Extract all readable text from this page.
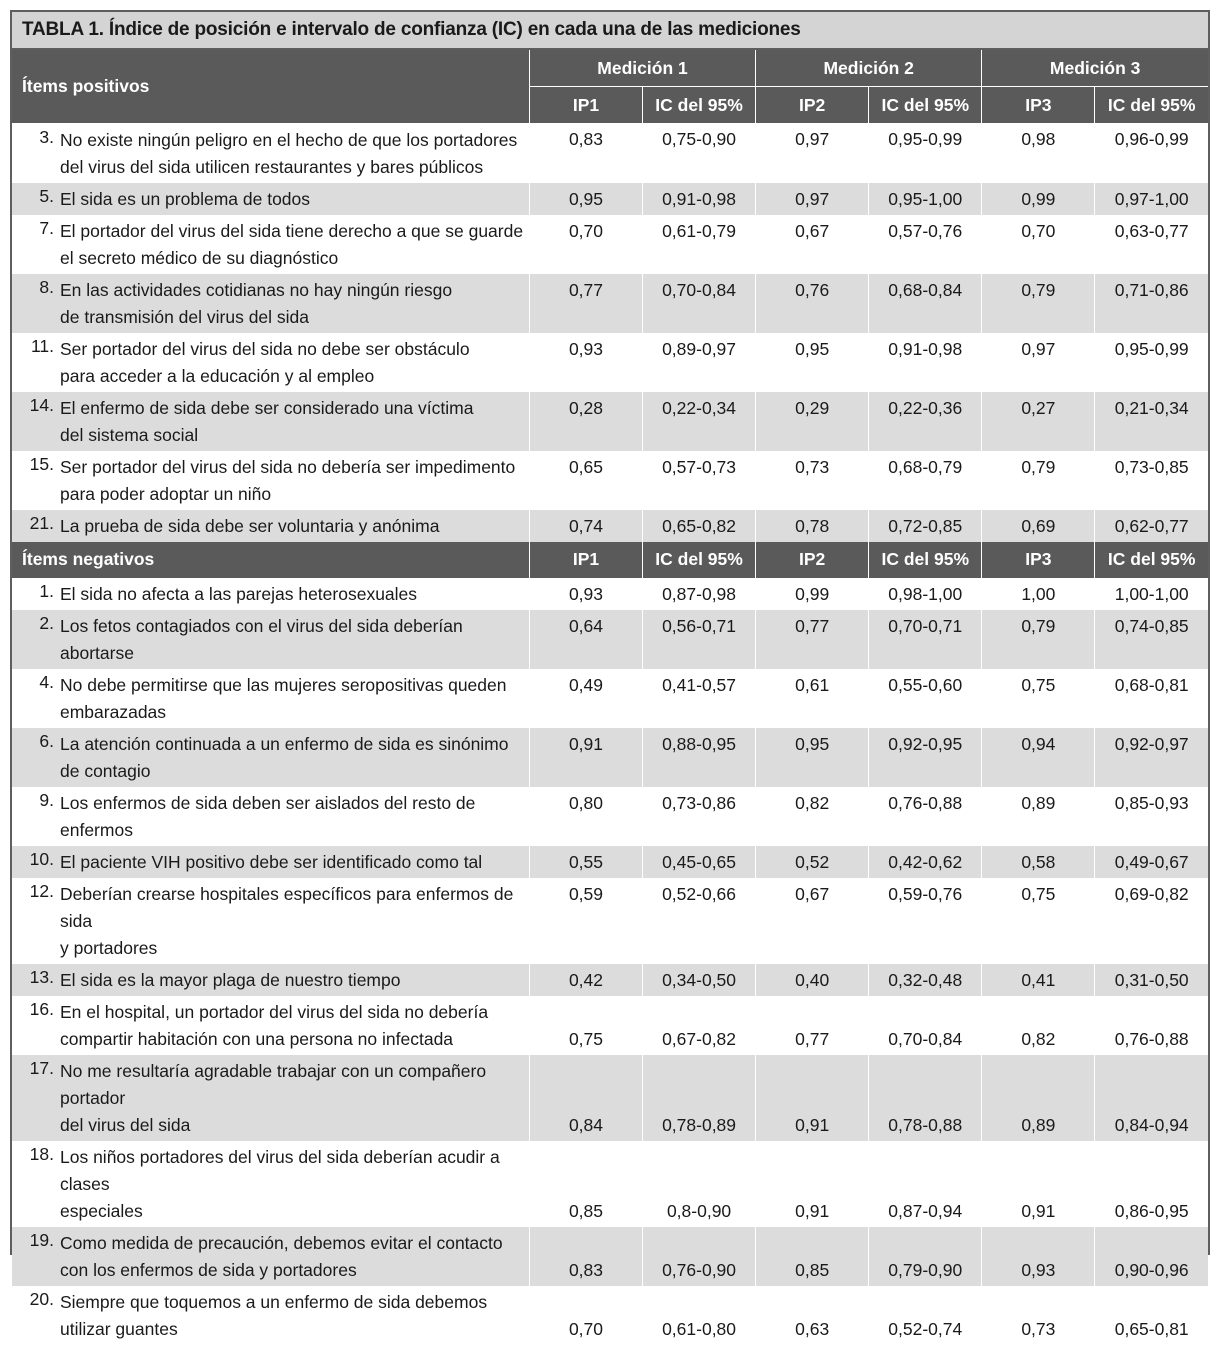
TABLA 1. Índice de posición e intervalo de confianza (IC) en cada una de las mediciones
Ítems positivos	Medición 1		Medición 2		Medición 3	
	IP1	IC del 95%	IP2	IC del 95%	IP3	IC del 95%

3. No existe ningún peligro en el hecho de que los portadores
del virus del sida utilicen restaurantes y bares públicos	0,83	0,75-0,90	0,97	0,95-0,99	0,98	0,96-0,99

5. El sida es un problema de todos	0,95	0,91-0,98	0,97	0,95-1,00	0,99	0,97-1,00

7. El portador del virus del sida tiene derecho a que se guarde
el secreto médico de su diagnóstico	0,70	0,61-0,79	0,67	0,57-0,76	0,70	0,63-0,77

8. En las actividades cotidianas no hay ningún riesgo
de transmisión del virus del sida	0,77	0,70-0,84	0,76	0,68-0,84	0,79	0,71-0,86

11. Ser portador del virus del sida no debe ser obstáculo
para acceder a la educación y al empleo	0,93	0,89-0,97	0,95	0,91-0,98	0,97	0,95-0,99

14. El enfermo de sida debe ser considerado una víctima
del sistema social	0,28	0,22-0,34	0,29	0,22-0,36	0,27	0,21-0,34

15. Ser portador del virus del sida no debería ser impedimento
para poder adoptar un niño	0,65	0,57-0,73	0,73	0,68-0,79	0,79	0,73-0,85

21. La prueba de sida debe ser voluntaria y anónima	0,74	0,65-0,82	0,78	0,72-0,85	0,69	0,62-0,77
Ítems negativos	IP1	IC del 95%	IP2	IC del 95%	IP3	IC del 95%

1. El sida no afecta a las parejas heterosexuales	0,93	0,87-0,98	0,99	0,98-1,00	1,00	1,00-1,00

2. Los fetos contagiados con el virus del sida deberían abortarse	0,64	0,56-0,71	0,77	0,70-0,71	0,79	0,74-0,85

4. No debe permitirse que las mujeres seropositivas queden
embarazadas	0,49	0,41-0,57	0,61	0,55-0,60	0,75	0,68-0,81

6. La atención continuada a un enfermo de sida es sinónimo
de contagio	0,91	0,88-0,95	0,95	0,92-0,95	0,94	0,92-0,97

9. Los enfermos de sida deben ser aislados del resto de enfermos	0,80	0,73-0,86	0,82	0,76-0,88	0,89	0,85-0,93

10. El paciente VIH positivo debe ser identificado como tal	0,55	0,45-0,65	0,52	0,42-0,62	0,58	0,49-0,67

12. Deberían crearse hospitales específicos para enfermos de sida
y portadores	0,59	0,52-0,66	0,67	0,59-0,76	0,75	0,69-0,82

13. El sida es la mayor plaga de nuestro tiempo	0,42	0,34-0,50	0,40	0,32-0,48	0,41	0,31-0,50

16. En el hospital, un portador del virus del sida no debería
compartir habitación con una persona no infectada	0,75	0,67-0,82	0,77	0,70-0,84	0,82	0,76-0,88

17. No me resultaría agradable trabajar con un compañero portador
del virus del sida	0,84	0,78-0,89	0,91	0,78-0,88	0,89	0,84-0,94

18. Los niños portadores del virus del sida deberían acudir a clases
especiales	0,85	0,8-0,90	0,91	0,87-0,94	0,91	0,86-0,95

19. Como medida de precaución, debemos evitar el contacto
con los enfermos de sida y portadores	0,83	0,76-0,90	0,85	0,79-0,90	0,93	0,90-0,96

20. Siempre que toquemos a un enfermo de sida debemos
utilizar guantes	0,70	0,61-0,80	0,63	0,52-0,74	0,73	0,65-0,81
